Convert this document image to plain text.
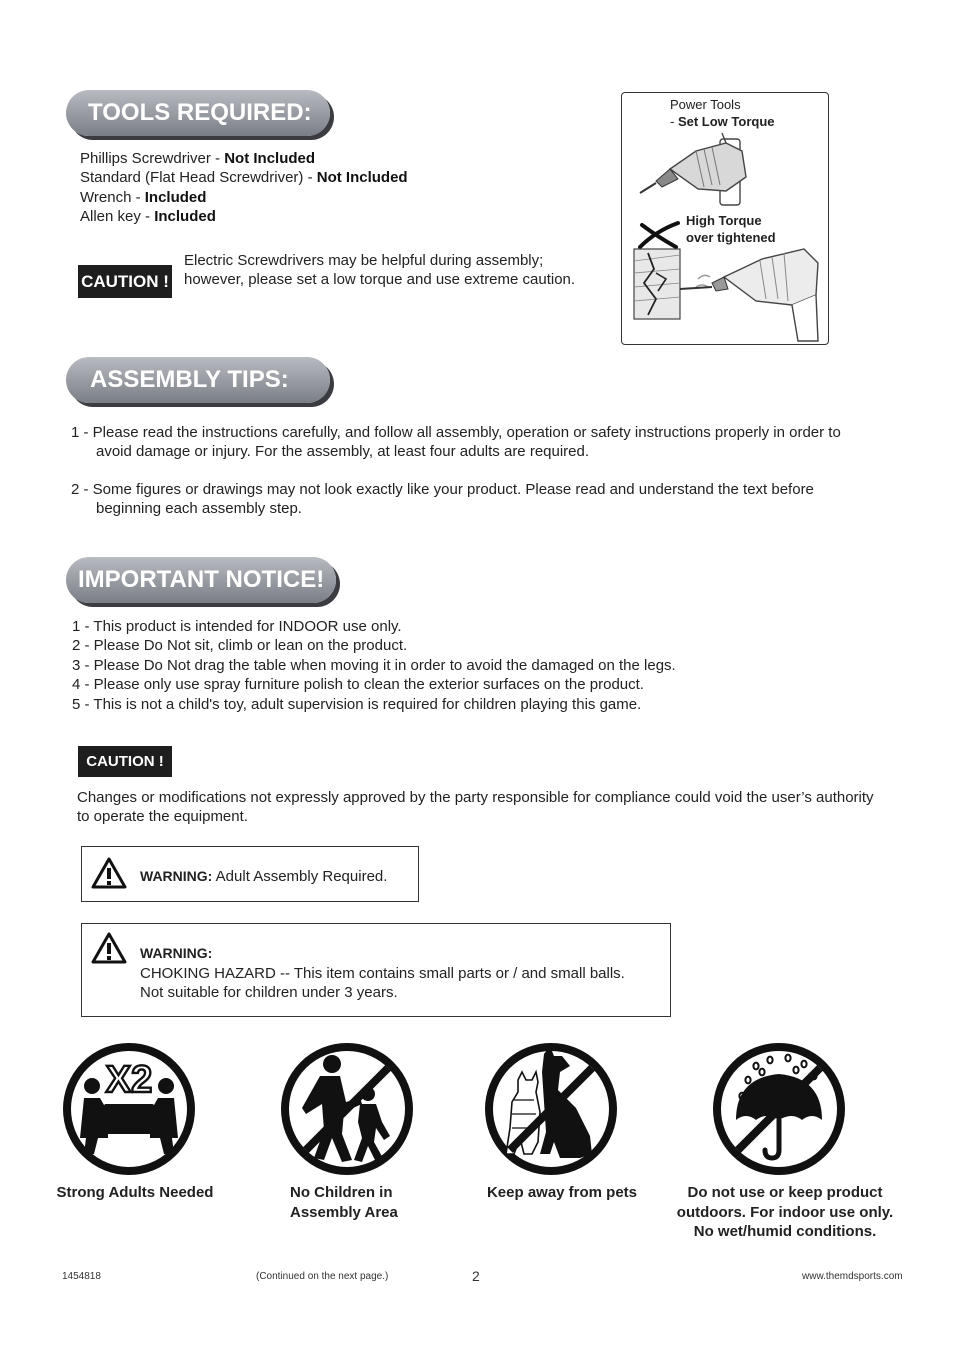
TOOLS REQUIRED:
Phillips Screwdriver - Not Included
Standard (Flat Head Screwdriver) - Not Included
Wrench - Included
Allen key - Included
CAUTION !
Electric Screwdrivers may be helpful during assembly; however, please set a low torque and use extreme caution.
Power Tools
- Set Low Torque
High Torque
over tightened
ASSEMBLY TIPS:
1 - Please read the instructions carefully, and follow all assembly, operation or safety instructions properly in order to
avoid damage or injury. For the assembly, at least four adults are required.
2 - Some figures or drawings may not look exactly like your product. Please read and understand the text before
beginning each assembly step.
IMPORTANT NOTICE!
1 - This product is intended for INDOOR use only.
2 - Please Do Not sit, climb or lean on the product.
3 - Please Do Not drag the table when moving it in order to avoid the damaged on the legs.
4 - Please only use spray furniture polish to clean the exterior surfaces on the product.
5 - This is not a child's toy, adult supervision is required for children playing this game.
CAUTION !
Changes or modifications not expressly approved by the party responsible for compliance could void the user’s authority to operate the equipment.
WARNING: Adult Assembly Required.
WARNING:
CHOKING HAZARD -- This item contains small parts or / and small balls.
Not suitable for children under 3 years.
X2
Strong Adults Needed	No Children in
Assembly Area
Keep away from pets	Do not use or keep product
outdoors. For indoor use only.
No wet/humid conditions.
1454818	(Continued on the next page.)	2	www.themdsports.com
